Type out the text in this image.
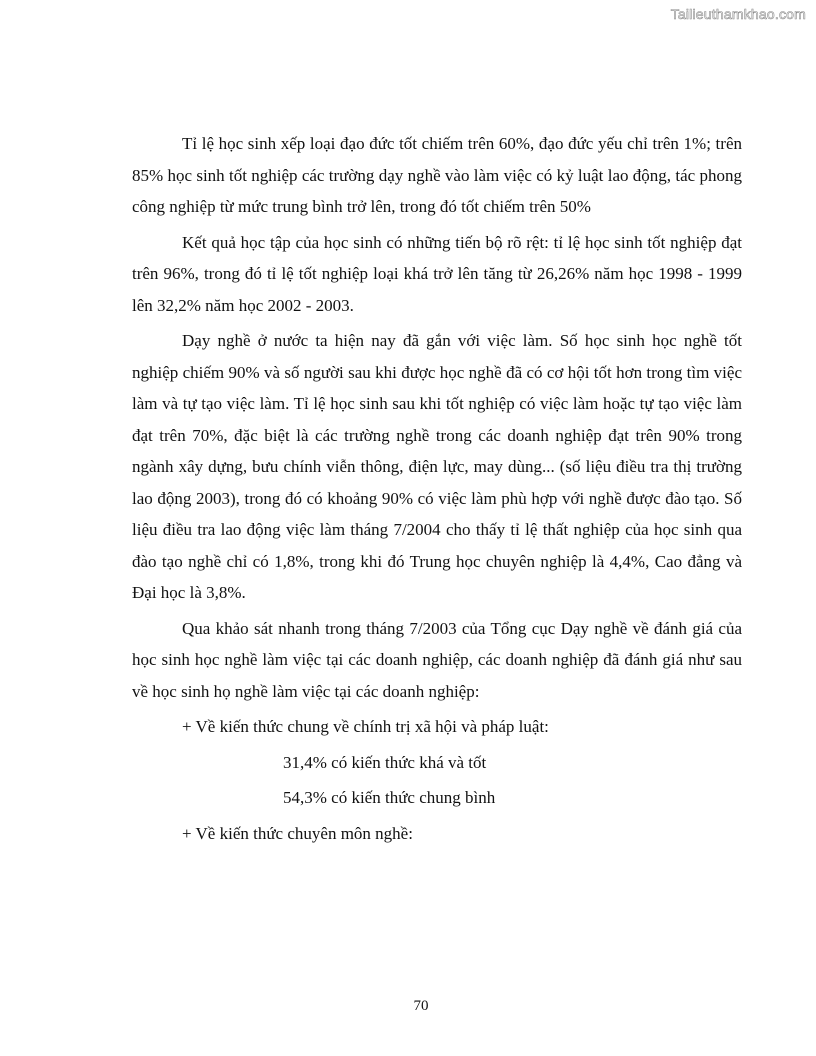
Tailieuthamkhao.com

Tỉ lệ học sinh xếp loại đạo đức tốt chiếm trên 60%, đạo đức yếu chỉ trên 1%; trên 85% học sinh tốt nghiệp các trường dạy nghề vào làm việc có kỷ luật lao động, tác phong công nghiệp từ mức trung bình trở lên, trong đó tốt chiếm trên 50%

Kết quả học tập của học sinh có những tiến bộ rõ rệt: tỉ lệ học sinh tốt nghiệp đạt trên 96%, trong đó tỉ lệ tốt nghiệp loại khá trở lên tăng từ 26,26% năm học 1998 - 1999 lên 32,2% năm học 2002 - 2003.

Dạy nghề ở nước ta hiện nay đã gắn với việc làm. Số học sinh học nghề tốt nghiệp chiếm 90% và số người sau khi được học nghề đã có cơ hội tốt hơn trong tìm việc làm và tự tạo việc làm. Tỉ lệ học sinh sau khi tốt nghiệp có việc làm hoặc tự tạo việc làm đạt trên 70%, đặc biệt là các trường nghề trong các doanh nghiệp đạt trên 90% trong ngành xây dựng, bưu chính viễn thông, điện lực, may dùng... (số liệu điều tra thị trường lao động 2003), trong đó có khoảng 90% có việc làm phù hợp với nghề được đào tạo. Số liệu điều tra lao động việc làm tháng 7/2004 cho thấy tỉ lệ thất nghiệp của học sinh qua đào tạo nghề chỉ có 1,8%, trong khi đó Trung học chuyên nghiệp là 4,4%, Cao đẳng và Đại học là 3,8%.

Qua khảo sát nhanh trong tháng 7/2003 của Tổng cục Dạy nghề về đánh giá của học sinh học nghề làm việc tại các doanh nghiệp, các doanh nghiệp đã đánh giá như sau về học sinh họ nghề làm việc tại các doanh nghiệp:

+ Về kiến thức chung về chính trị xã hội và pháp luật:

31,4% có kiến thức khá và tốt

54,3% có kiến thức chung bình

+ Về kiến thức chuyên môn nghề:

70
